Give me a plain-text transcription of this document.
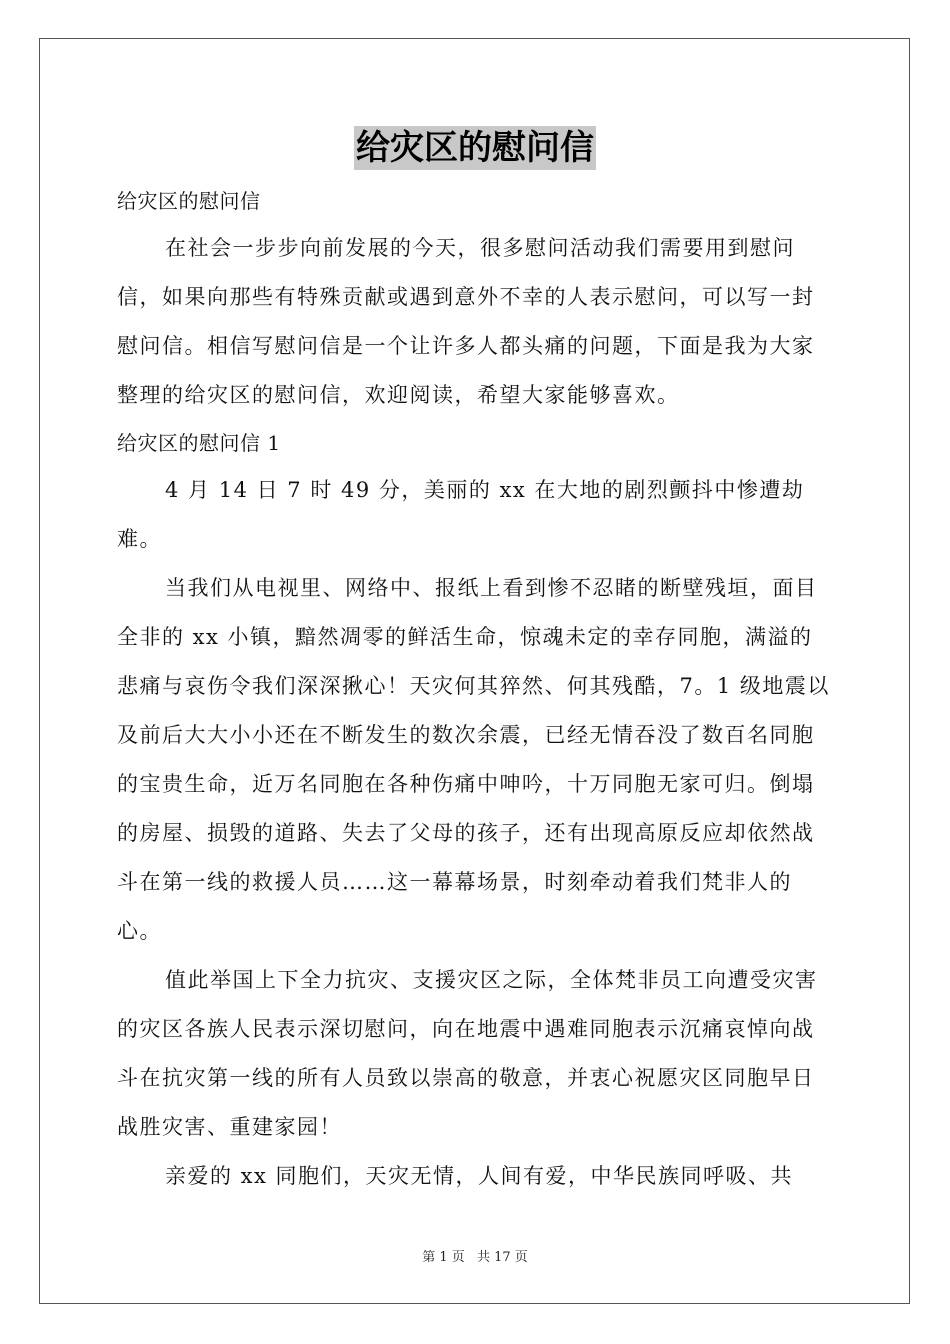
给灾区的慰问信

给灾区的慰问信

在社会一步步向前发展的今天，很多慰问活动我们需要用到慰问信，如果向那些有特殊贡献或遇到意外不幸的人表示慰问，可以写一封慰问信。相信写慰问信是一个让许多人都头痛的问题，下面是我为大家整理的给灾区的慰问信，欢迎阅读，希望大家能够喜欢。

给灾区的慰问信 1

4 月 14 日 7 时 49 分，美丽的 xx 在大地的剧烈颤抖中惨遭劫难。

当我们从电视里、网络中、报纸上看到惨不忍睹的断壁残垣，面目全非的 xx 小镇，黯然凋零的鲜活生命，惊魂未定的幸存同胞，满溢的悲痛与哀伤令我们深深揪心！天灾何其猝然、何其残酷，7。1 级地震以及前后大大小小还在不断发生的数次余震，已经无情吞没了数百名同胞的宝贵生命，近万名同胞在各种伤痛中呻吟，十万同胞无家可归。倒塌的房屋、损毁的道路、失去了父母的孩子，还有出现高原反应却依然战斗在第一线的救援人员……这一幕幕场景，时刻牵动着我们梵非人的心。

值此举国上下全力抗灾、支援灾区之际，全体梵非员工向遭受灾害的灾区各族人民表示深切慰问，向在地震中遇难同胞表示沉痛哀悼向战斗在抗灾第一线的所有人员致以崇高的敬意，并衷心祝愿灾区同胞早日战胜灾害、重建家园！

亲爱的 xx 同胞们，天灾无情，人间有爱，中华民族同呼吸、共

第 1 页 共 17 页
